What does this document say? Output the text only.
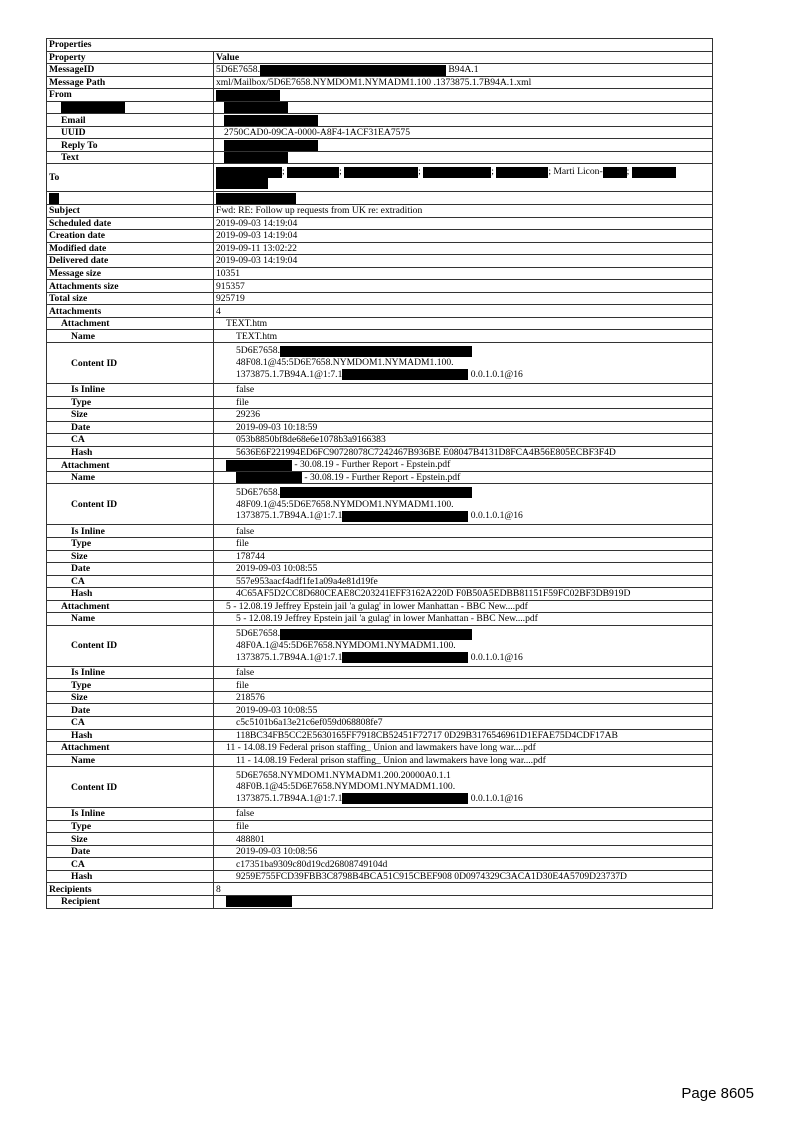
Properties	
Property	Value
MessageID	5D6E7658. B94A.1
Message Path	xml/Mailbox/5D6E7658.NYMDOM1.NYMADM1.100 .1373875.1.7B94A.1.xml
From	

Email	
UUID	2750CAD0-09CA-0000-A8F4-1ACF31EA7575
Reply To	
Text	
To	; ; ; ; ; Marti Licon- ;

Subject	Fwd: RE: Follow up requests from UK re: extradition
Scheduled date	2019-09-03 14:19:04
Creation date	2019-09-03 14:19:04
Modified date	2019-09-11 13:02:22
Delivered date	2019-09-03 14:19:04
Message size	10351
Attachments size	915357
Total size	925719
Attachments	4
Attachment	TEXT.htm
Name	TEXT.htm
Content ID	5D6E7658.
48F08.1@45:5D6E7658.NYMDOM1.NYMADM1.100.
1373875.1.7B94A.1@1:7.1 0.0.1.0.1@16
Is Inline	false
Type	file
Size	29236
Date	2019-09-03 10:18:59
CA	053b8850bf8de68e6e1078b3a9166383
Hash	5636E6F221994ED6FC90728078C7242467B936BE E08047B4131D8FCA4B56E805ECBF3F4D
Attachment	- 30.08.19 - Further Report - Epstein.pdf
Name	- 30.08.19 - Further Report - Epstein.pdf
Content ID	5D6E7658.
48F09.1@45:5D6E7658.NYMDOM1.NYMADM1.100.
1373875.1.7B94A.1@1:7.1 0.0.1.0.1@16
Is Inline	false
Type	file
Size	178744
Date	2019-09-03 10:08:55
CA	557e953aacf4adf1fe1a09a4e81d19fe
Hash	4C65AF5D2CC8D680CEAE8C203241EFF3162A220D F0B50A5EDBB81151F59FC02BF3DB919D
Attachment	5 - 12.08.19 Jeffrey Epstein jail 'a gulag' in lower Manhattan - BBC New....pdf
Name	5 - 12.08.19 Jeffrey Epstein jail 'a gulag' in lower Manhattan - BBC New....pdf
Content ID	5D6E7658.
48F0A.1@45:5D6E7658.NYMDOM1.NYMADM1.100.
1373875.1.7B94A.1@1:7.1 0.0.1.0.1@16
Is Inline	false
Type	file
Size	218576
Date	2019-09-03 10:08:55
CA	c5c5101b6a13e21c6ef059d068808fe7
Hash	118BC34FB5CC2E5630165FF7918CB52451F72717 0D29B3176546961D1EFAE75D4CDF17AB
Attachment	11 - 14.08.19 Federal prison staffing_ Union and lawmakers have long war....pdf
Name	11 - 14.08.19 Federal prison staffing_ Union and lawmakers have long war....pdf
Content ID	5D6E7658.NYMDOM1.NYMADM1.200.20000A0.1.1
48F0B.1@45:5D6E7658.NYMDOM1.NYMADM1.100.
1373875.1.7B94A.1@1:7.1 0.0.1.0.1@16
Is Inline	false
Type	file
Size	488801
Date	2019-09-03 10:08:56
CA	c17351ba9309c80d19cd26808749104d
Hash	9259E755FCD39FBB3C8798B4BCA51C915CBEF908 0D0974329C3ACA1D30E4A5709D23737D
Recipients	8
Recipient	
Page 8605
